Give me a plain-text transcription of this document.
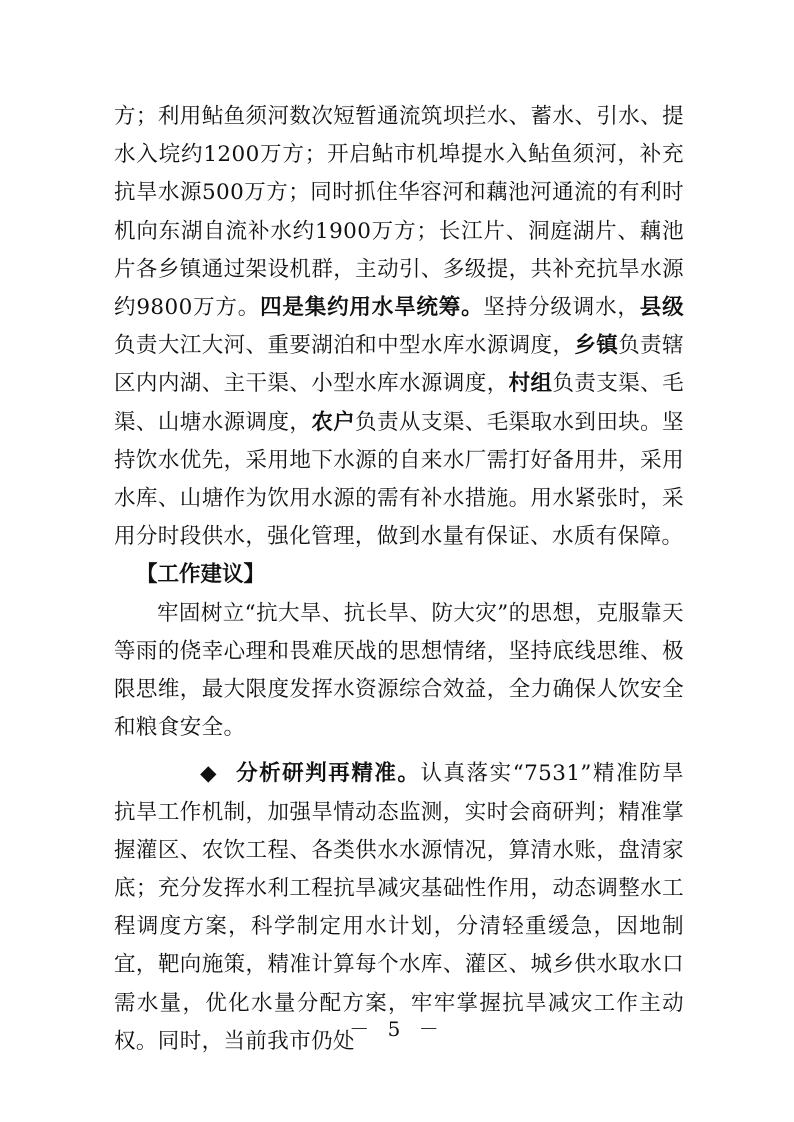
方；利用鲇鱼须河数次短暂通流筑坝拦水、蓄水、引水、提水入垸约1200万方；开启鲇市机埠提水入鲇鱼须河，补充抗旱水源500万方；同时抓住华容河和藕池河通流的有利时机向东湖自流补水约1900万方；长江片、洞庭湖片、藕池片各乡镇通过架设机群，主动引、多级提，共补充抗旱水源约9800万方。四是集约用水旱统筹。坚持分级调水，县级负责大江大河、重要湖泊和中型水库水源调度，乡镇负责辖区内内湖、主干渠、小型水库水源调度，村组负责支渠、毛渠、山塘水源调度，农户负责从支渠、毛渠取水到田块。坚持饮水优先，采用地下水源的自来水厂需打好备用井，采用水库、山塘作为饮用水源的需有补水措施。用水紧张时，采用分时段供水，强化管理，做到水量有保证、水质有保障。

【工作建议】

牢固树立“抗大旱、抗长旱、防大灾”的思想，克服靠天等雨的侥幸心理和畏难厌战的思想情绪，坚持底线思维、极限思维，最大限度发挥水资源综合效益，全力确保人饮安全和粮食安全。

◆ 分析研判再精准。认真落实“7531”精准防旱抗旱工作机制，加强旱情动态监测，实时会商研判；精准掌握灌区、农饮工程、各类供水水源情况，算清水账，盘清家底；充分发挥水利工程抗旱减灾基础性作用，动态调整水工程调度方案，科学制定用水计划，分清轻重缓急，因地制宜，靶向施策，精准计算每个水库、灌区、城乡供水取水口需水量，优化水量分配方案，牢牢掌握抗旱减灾工作主动权。同时，当前我市仍处

－ 5 －
